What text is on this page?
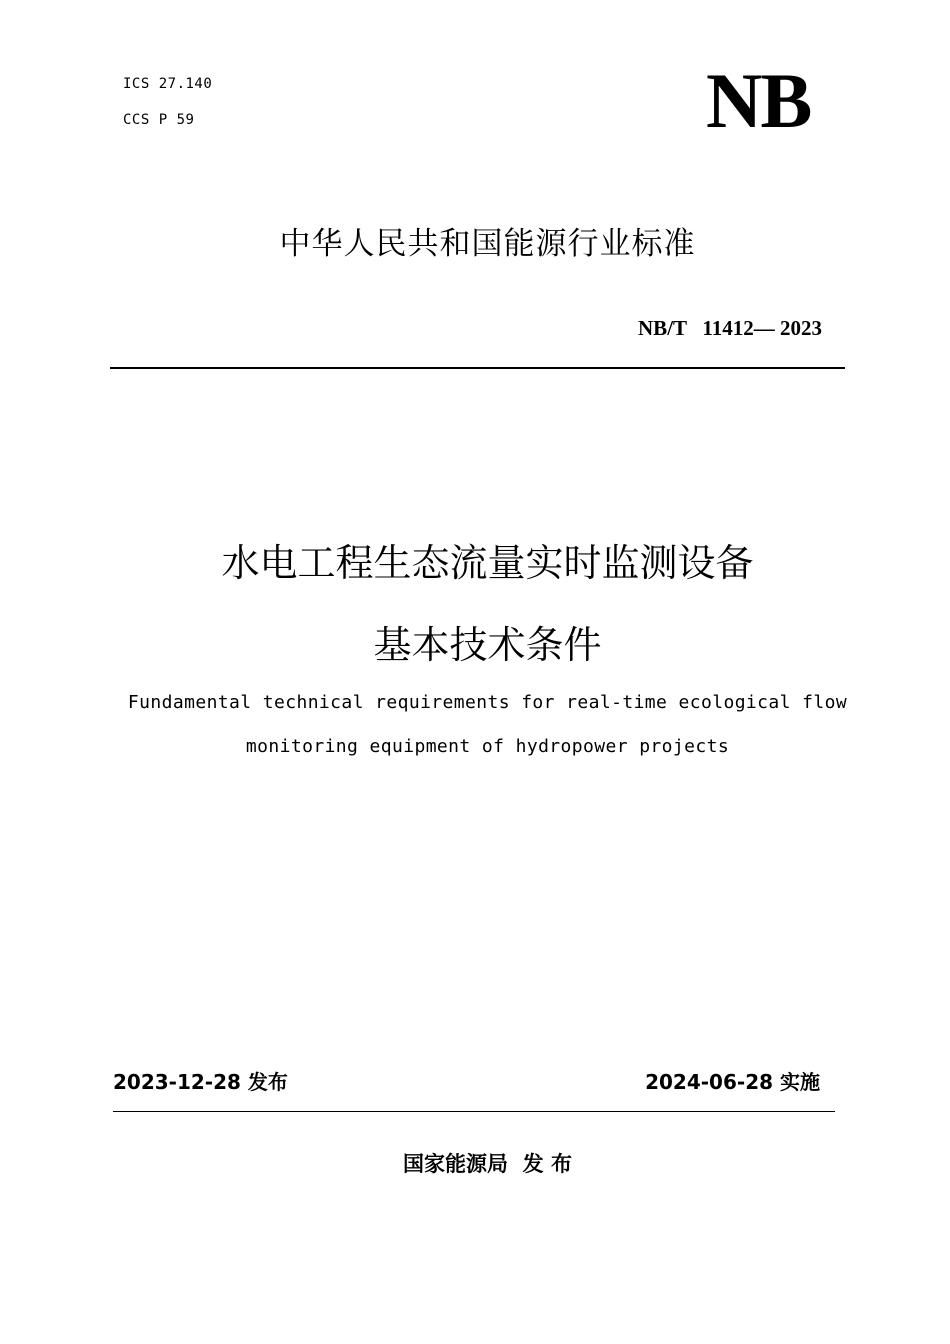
ICS 27.140
CCS P 59	NB
中华人民共和国能源行业标准
NB/T   11412— 2023
水电工程生态流量实时监测设备
基本技术条件
Fundamental technical requirements for real-time ecological flow
monitoring equipment of hydropower projects
2023-12-28 发布	2024-06-28 实施
国家能源局  发 布
